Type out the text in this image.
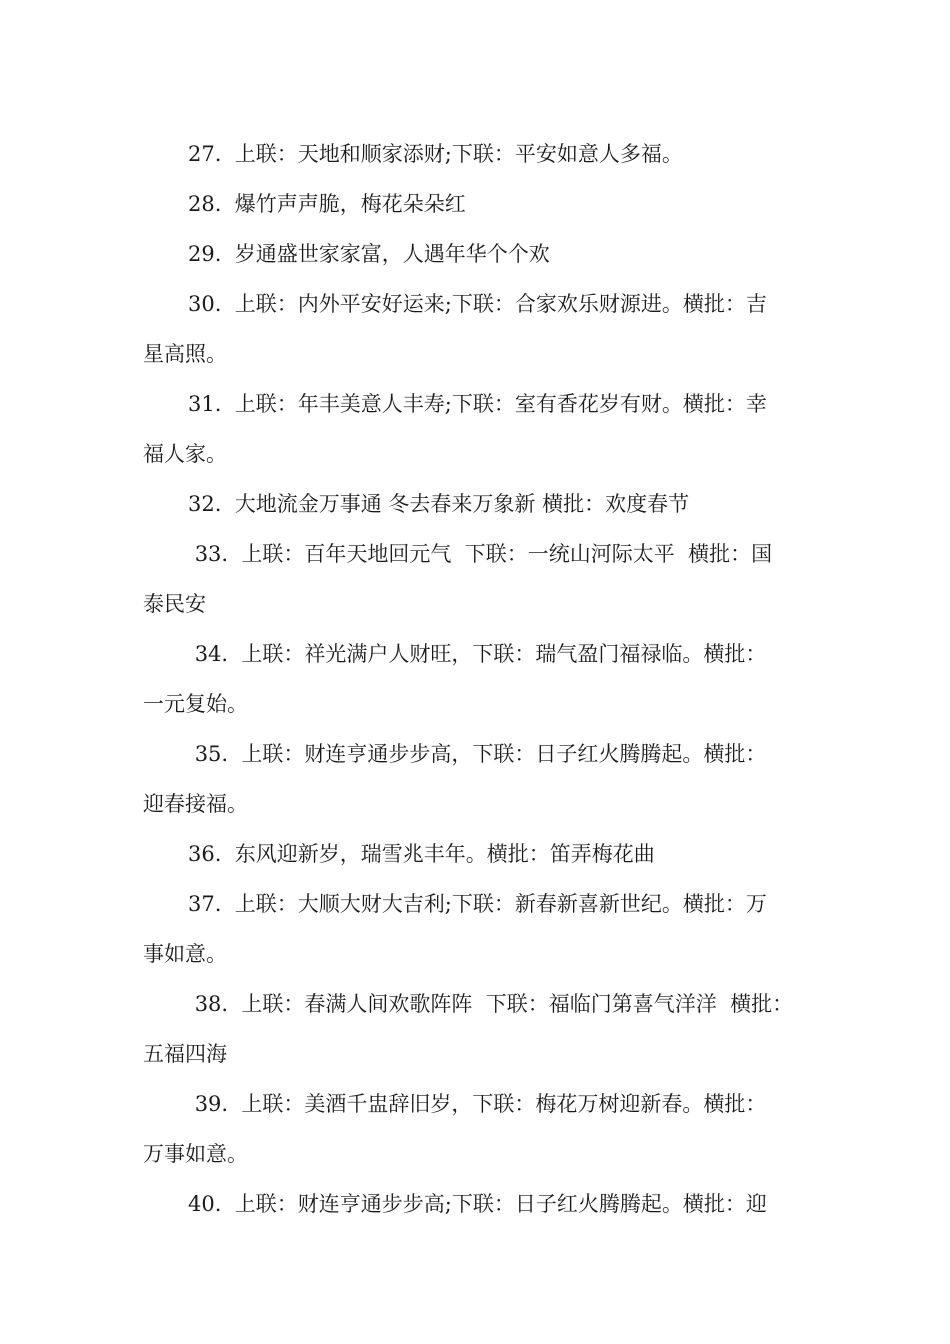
27.  上联：天地和顺家添财;下联：平安如意人多福。

28.  爆竹声声脆，梅花朵朵红

29.  岁通盛世家家富，人遇年华个个欢

30.  上联：内外平安好运来;下联：合家欢乐财源进。横批：吉
星高照。

31.  上联：年丰美意人丰寿;下联：室有香花岁有财。横批：幸
福人家。

32.  大地流金万事通 冬去春来万象新 横批：欢度春节

33.  上联：百年天地回元气  下联：一统山河际太平  横批：国
泰民安

34.  上联：祥光满户人财旺，下联：瑞气盈门福禄临。横批：
一元复始。

35.  上联：财连亨通步步高，下联：日子红火腾腾起。横批：
迎春接福。

36.  东风迎新岁，瑞雪兆丰年。横批：笛弄梅花曲

37.  上联：大顺大财大吉利;下联：新春新喜新世纪。横批：万
事如意。

38.  上联：春满人间欢歌阵阵  下联：福临门第喜气洋洋  横批：
五福四海

39.  上联：美酒千盅辞旧岁，下联：梅花万树迎新春。横批：
万事如意。

40.  上联：财连亨通步步高;下联：日子红火腾腾起。横批：迎
